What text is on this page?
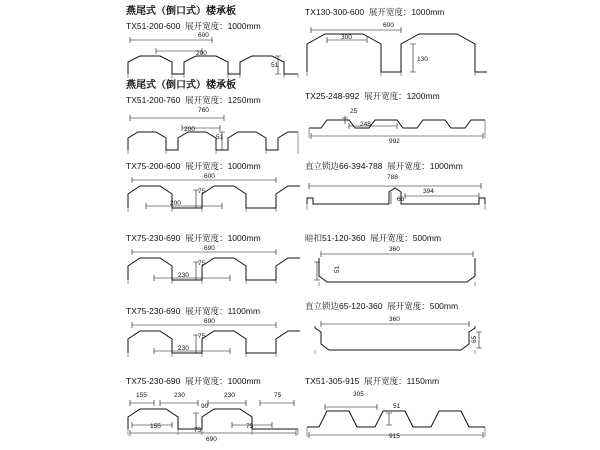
燕尾式（倒口式）楼承板
TX51-200-600 展开宽度：1000mm
600
200
51
燕尾式（倒口式）楼承板
TX51-200-760 展开宽度：1250mm
760
200
51
TX75-200-600 展开宽度：1000mm
600
200
75
TX75-230-690 展开宽度：1000mm
690
230
75
TX75-230-690 展开宽度：1100mm
690
230
75
TX75-230-690 展开宽度：1000mm
155	230	230	75
90
155
75
75
690
TX130-300-600 展开宽度：1000mm
600
300
130
TX25-248-992 展开宽度：1200mm
248
25
992
直立锁边66-394-788 展开宽度：1000mm
788
394
66
暗扣51-120-360 展开宽度：500mm
360
51
直立锁边65-120-360 展开宽度：500mm
360
65
TX51-305-915 展开宽度：1150mm
305
51
915
